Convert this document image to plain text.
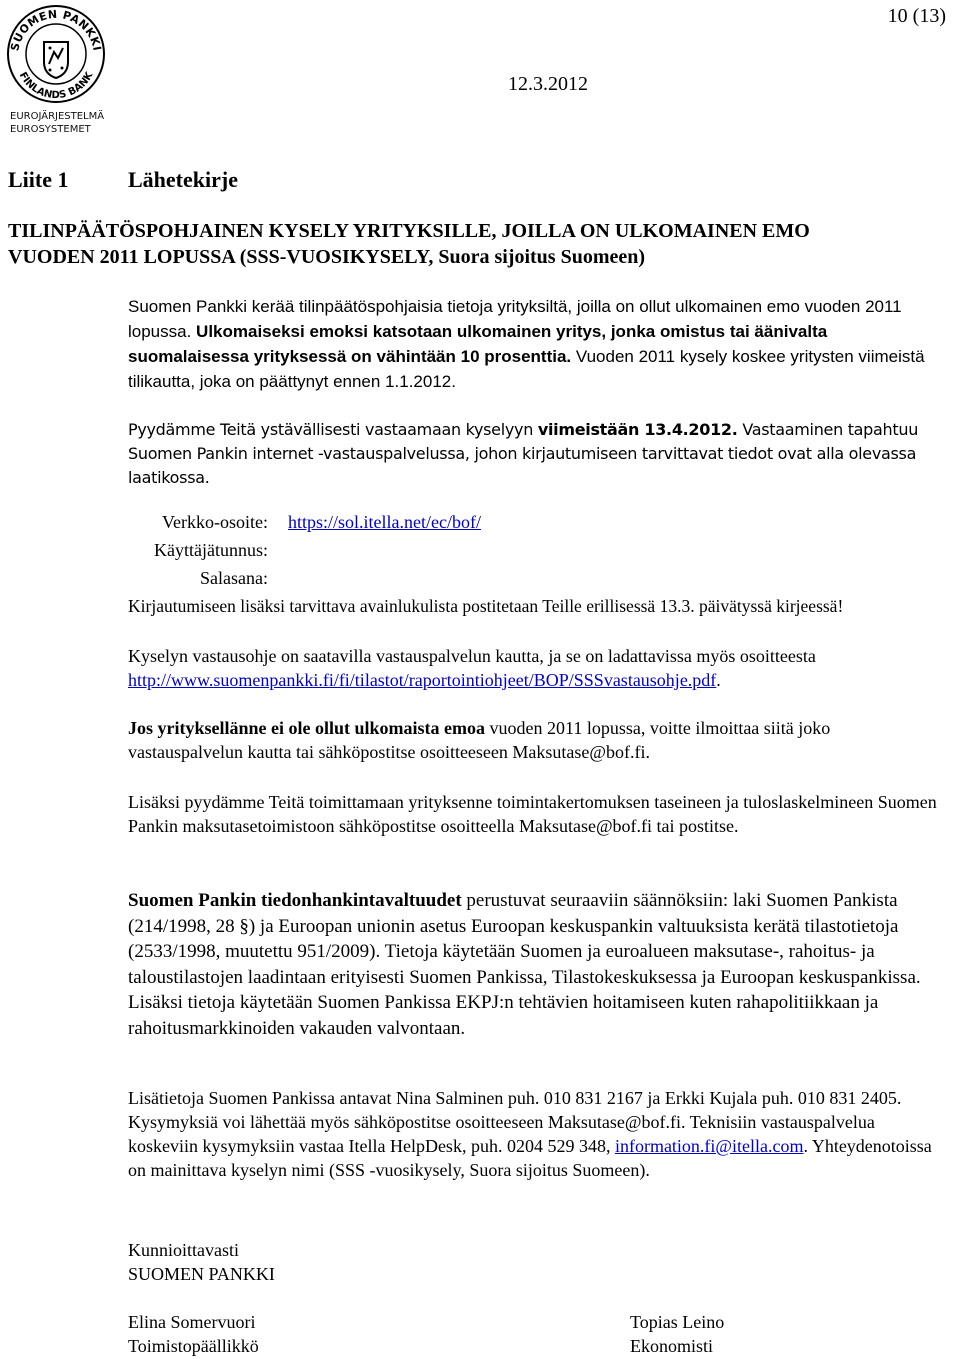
SUOMEN PANKKI
FINLANDS BANK
EUROJÄRJESTELMÄ
EUROSYSTEMET
10 (13)
12.3.2012
Liite 1	Lähetekirje
TILINPÄÄTÖSPOHJAINEN KYSELY YRITYKSILLE, JOILLA ON ULKOMAINEN EMO
VUODEN 2011 LOPUSSA (SSS-VUOSIKYSELY, Suora sijoitus Suomeen)
Suomen Pankki kerää tilinpäätöspohjaisia tietoja yrityksiltä, joilla on ollut ulkomainen emo vuoden 2011 lopussa. Ulkomaiseksi emoksi katsotaan ulkomainen yritys, jonka omistus tai äänivalta suomalaisessa yrityksessä on vähintään 10 prosenttia. Vuoden 2011 kysely koskee yritysten viimeistä tilikautta, joka on päättynyt ennen 1.1.2012.
Pyydämme Teitä ystävällisesti vastaamaan kyselyyn viimeistään 13.4.2012. Vastaaminen tapahtuu Suomen Pankin internet -vastauspalvelussa, johon kirjautumiseen tarvittavat tiedot ovat alla olevassa laatikossa.
Verkko-osoite: https://sol.itella.net/ec/bof/
Käyttäjätunnus:
Salasana:
Kirjautumiseen lisäksi tarvittava avainlukulista postitetaan Teille erillisessä 13.3. päivätyssä kirjeessä!
Kyselyn vastausohje on saatavilla vastauspalvelun kautta, ja se on ladattavissa myös osoitteesta
http://www.suomenpankki.fi/fi/tilastot/raportointiohjeet/BOP/SSSvastausohje.pdf.
Jos yrityksellänne ei ole ollut ulkomaista emoa vuoden 2011 lopussa, voitte ilmoittaa siitä joko vastauspalvelun kautta tai sähköpostitse osoitteeseen Maksutase@bof.fi.
Lisäksi pyydämme Teitä toimittamaan yrityksenne toimintakertomuksen taseineen ja tuloslaskelmineen Suomen Pankin maksutasetoimistoon sähköpostitse osoitteella Maksutase@bof.fi tai postitse.
Suomen Pankin tiedonhankintavaltuudet perustuvat seuraaviin säännöksiin: laki Suomen Pankista (214/1998, 28 §) ja Euroopan unionin asetus Euroopan keskuspankin valtuuksista kerätä tilastotietoja (2533/1998, muutettu 951/2009). Tietoja käytetään Suomen ja euroalueen maksutase-, rahoitus- ja taloustilastojen laadintaan erityisesti Suomen Pankissa, Tilastokeskuksessa ja Euroopan keskuspankissa. Lisäksi tietoja käytetään Suomen Pankissa EKPJ:n tehtävien hoitamiseen kuten rahapolitiikkaan ja rahoitusmarkkinoiden vakauden valvontaan.
Lisätietoja Suomen Pankissa antavat Nina Salminen puh. 010 831 2167 ja Erkki Kujala puh. 010 831 2405. Kysymyksiä voi lähettää myös sähköpostitse osoitteeseen Maksutase@bof.fi. Teknisiin vastauspalvelua koskeviin kysymyksiin vastaa Itella HelpDesk, puh. 0204 529 348, information.fi@itella.com. Yhteydenotoissa on mainittava kyselyn nimi (SSS -vuosikysely, Suora sijoitus Suomeen).
Kunnioittavasti
SUOMEN PANKKI
Elina Somervuori
Toimistopäällikkö
Topias Leino
Ekonomisti
